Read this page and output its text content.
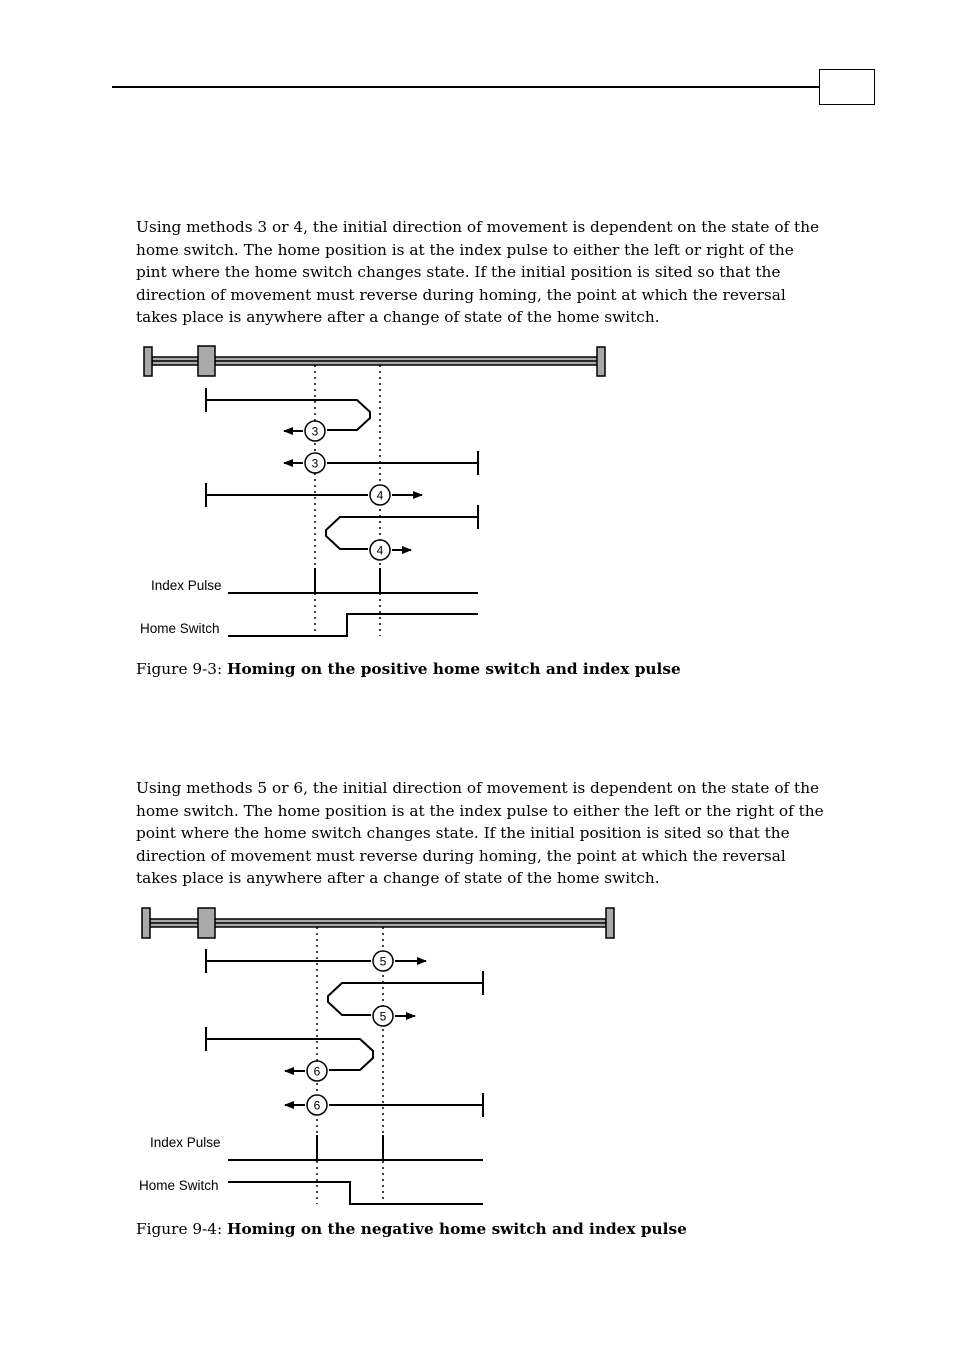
Using methods 3 or 4, the initial direction of movement is dependent on the state of the home switch. The home position is at the index pulse to either the left or right of the pint where the home switch changes state. If the initial position is sited so that the direction of movement must reverse during homing, the point at which the reversal takes place is anywhere after a change of state of the home switch.

3
3
4
4
Index Pulse
Home Switch

Figure 9-3: Homing on the positive home switch and index pulse

Using methods 5 or 6, the initial direction of movement is dependent on the state of the home switch. The home position is at the index pulse to either the left or the right of the point where the home switch changes state. If the initial position is sited so that the direction of movement must reverse during homing, the point at which the reversal takes place is anywhere after a change of state of the home switch.

5
5
6
6
Index Pulse
Home Switch

Figure 9-4: Homing on the negative home switch and index pulse
